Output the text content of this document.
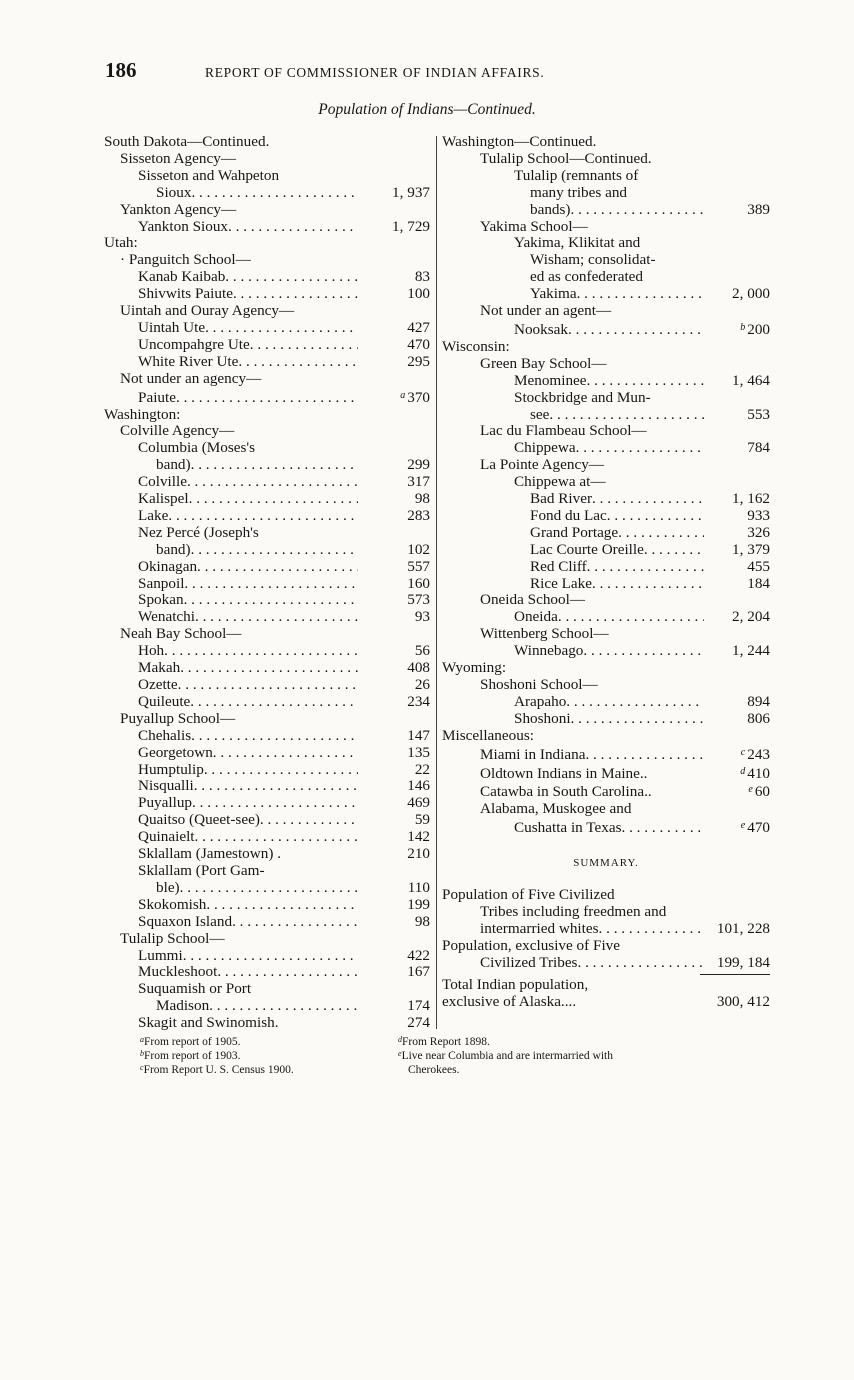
186	REPORT OF COMMISSIONER OF INDIAN AFFAIRS.
Population of Indians—Continued.
South Dakota—Continued.
Sisseton Agency—
Sisseton and Wahpeton
Sioux . . .	1, 937
Yankton Agency—
Yankton Sioux . . .	1, 729
Utah:
· Panguitch School—
Kanab Kaibab . . .	83
Shivwits Paiute . . .	100
Uintah and Ouray Agency—
Uintah Ute . . .	427
Uncompahgre Ute . . .	470
White River Ute . . .	295
Not under an agency—
Paiute . . .	$^a$ 370
Washington:
Colville Agency—
Columbia (Moses's
band) . . .	299
Colville . . .	317
Kalispel . . .	98
Lake . . .	283
Nez Percé (Joseph's
band) . . .	102
Okinagan . . .	557
Sanpoil . . .	160
Spokan . . .	573
Wenatchi . . .	93
Neah Bay School—
Hoh . . .	56
Makah . . .	408
Ozette . . .	26
Quileute . . .	234
Puyallup School—
Chehalis . . .	147
Georgetown . . .	135
Humptulip . . .	22
Nisqualli . . .	146
Puyallup . . .	469
Quaitso (Queet-see) . . .	59
Quinaielt . . .	142
Sklallam (Jamestown) .	210
Sklallam (Port Gam-
ble) . . .	110
Skokomish . . .	199
Squaxon Island . . .	98
Tulalip School—
Lummi . . .	422
Muckleshoot . . .	167
Suquamish or Port
Madison . . .	174
Skagit and Swinomish.	274
Washington—Continued.
Tulalip School—Continued.
Tulalip (remnants of
many tribes and
bands) . . .	389
Yakima School—
Yakima, Klikitat and
Wisham; consolidat-
ed as confederated
Yakima . . .	2, 000
Not under an agent—
Nooksak . . .	$^b$ 200
Wisconsin:
Green Bay School—
Menominee . . .	1, 464
Stockbridge and Mun-
see . . .	553
Lac du Flambeau School—
Chippewa . . .	784
La Pointe Agency—
Chippewa at—
Bad River . . .	1, 162
Fond du Lac . . .	933
Grand Portage . . .	326
Lac Courte Oreille . . .	1, 379
Red Cliff . . .	455
Rice Lake . . .	184
Oneida School—
Oneida . . .	2, 204
Wittenberg School—
Winnebago . . .	1, 244
Wyoming:
Shoshoni School—
Arapaho . . .	894
Shoshoni . . .	806
Miscellaneous:
Miami in Indiana . . .	$^c$ 243
Oldtown Indians in Maine..	$^d$ 410
Catawba in South Carolina..	$^e$ 60
Alabama, Muskogee and
Cushatta in Texas . . .	$^e$ 470
SUMMARY.
Population of Five Civilized
Tribes including freedmen and
intermarried whites . . .	101, 228
Population, exclusive of Five
Civilized Tribes . . .	199, 184
Total Indian population,
exclusive of Alaska....	300, 412
$^a$From report of 1905.
$^b$From report of 1903.
$^c$From Report U. S. Census 1900.
$^d$From Report 1898.
$^e$Live near Columbia and are intermarried with
Cherokees.
